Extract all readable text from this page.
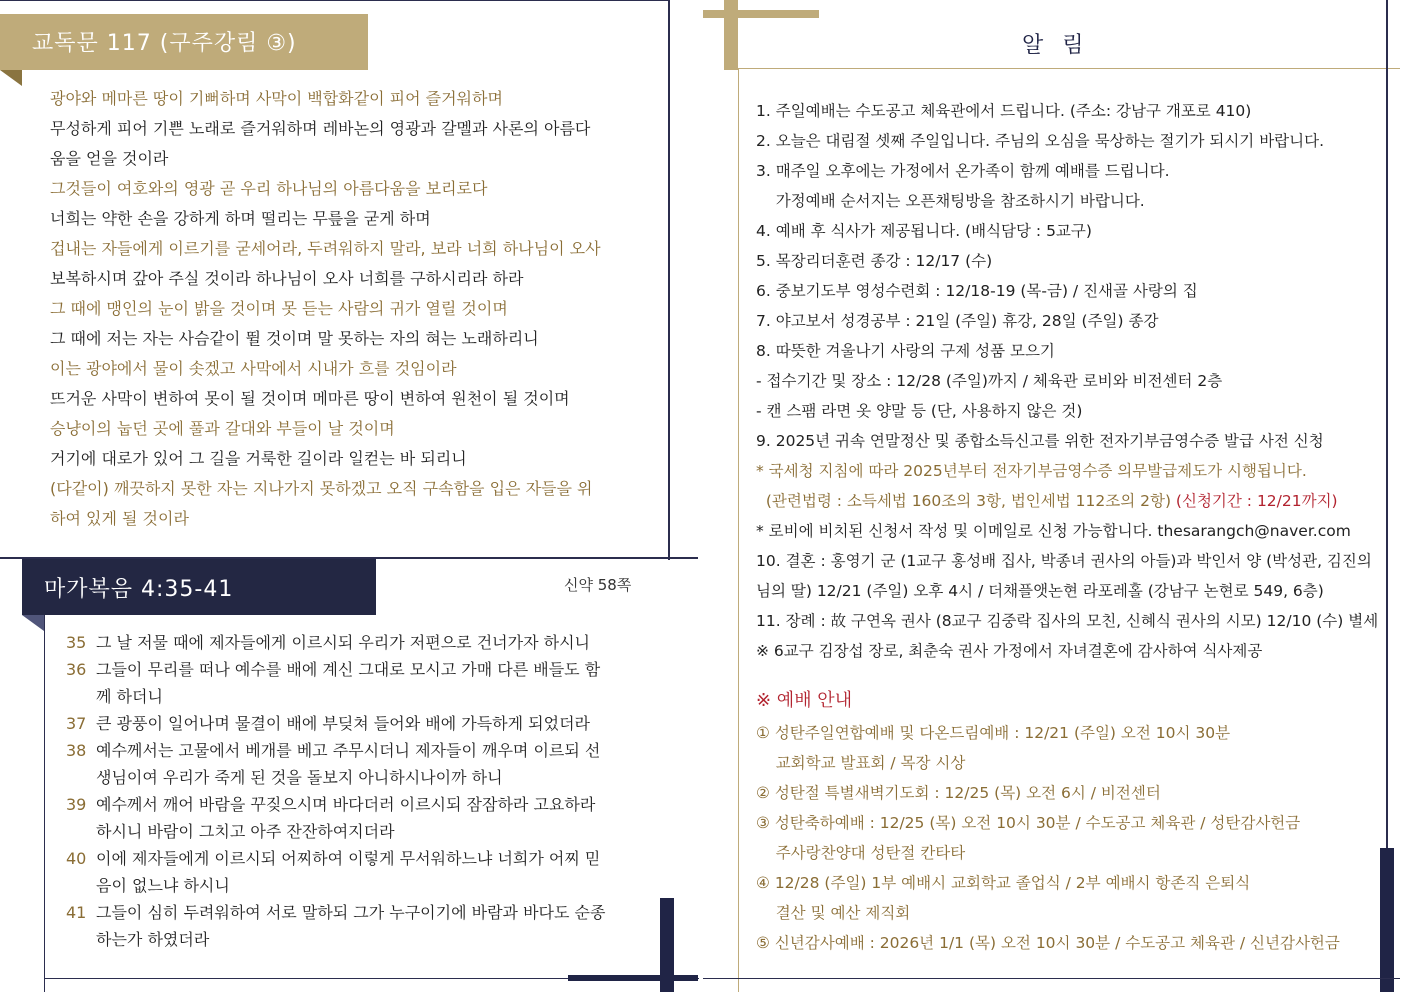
교독문 117 (구주강림 ③)
광야와 메마른 땅이 기뻐하며 사막이 백합화같이 피어 즐거워하며
무성하게 피어 기쁜 노래로 즐거워하며 레바논의 영광과 갈멜과 사론의 아름다
움을 얻을 것이라
그것들이 여호와의 영광 곧 우리 하나님의 아름다움을 보리로다
너희는 약한 손을 강하게 하며 떨리는 무릎을 굳게 하며
겁내는 자들에게 이르기를 굳세어라, 두려워하지 말라, 보라 너희 하나님이 오사
보복하시며 갚아 주실 것이라 하나님이 오사 너희를 구하시리라 하라
그 때에 맹인의 눈이 밝을 것이며 못 듣는 사람의 귀가 열릴 것이며
그 때에 저는 자는 사슴같이 뛸 것이며 말 못하는 자의 혀는 노래하리니
이는 광야에서 물이 솟겠고 사막에서 시내가 흐를 것임이라
뜨거운 사막이 변하여 못이 될 것이며 메마른 땅이 변하여 원천이 될 것이며
승냥이의 눕던 곳에 풀과 갈대와 부들이 날 것이며
거기에 대로가 있어 그 길을 거룩한 길이라 일컫는 바 되리니
(다같이) 깨끗하지 못한 자는 지나가지 못하겠고 오직 구속함을 입은 자들을 위
하여 있게 될 것이라
마가복음 4:35-41	신약 58쪽
35 그 날 저물 때에 제자들에게 이르시되 우리가 저편으로 건너가자 하시니
36 그들이 무리를 떠나 예수를 배에 계신 그대로 모시고 가매 다른 배들도 함
께 하더니
37 큰 광풍이 일어나며 물결이 배에 부딪쳐 들어와 배에 가득하게 되었더라
38 예수께서는 고물에서 베개를 베고 주무시더니 제자들이 깨우며 이르되 선
생님이여 우리가 죽게 된 것을 돌보지 아니하시나이까 하니
39 예수께서 깨어 바람을 꾸짖으시며 바다더러 이르시되 잠잠하라 고요하라
하시니 바람이 그치고 아주 잔잔하여지더라
40 이에 제자들에게 이르시되 어찌하여 이렇게 무서워하느냐 너희가 어찌 믿
음이 없느냐 하시니
41 그들이 심히 두려워하여 서로 말하되 그가 누구이기에 바람과 바다도 순종
하는가 하였더라
알 림
1. 주일예배는 수도공고 체육관에서 드립니다. (주소: 강남구 개포로 410)
2. 오늘은 대림절 셋째 주일입니다. 주님의 오심을 묵상하는 절기가 되시기 바랍니다.
3. 매주일 오후에는 가정에서 온가족이 함께 예배를 드립니다.
가정예배 순서지는 오픈채팅방을 참조하시기 바랍니다.
4. 예배 후 식사가 제공됩니다. (배식담당 : 5교구)
5. 목장리더훈련 종강 : 12/17 (수)
6. 중보기도부 영성수련회 : 12/18-19 (목-금) / 진새골 사랑의 집
7. 야고보서 성경공부 : 21일 (주일) 휴강, 28일 (주일) 종강
8. 따뜻한 겨울나기 사랑의 구제 성품 모으기
- 접수기간 및 장소 : 12/28 (주일)까지 / 체육관 로비와 비전센터 2층
- 캔 스팸 라면 옷 양말 등 (단, 사용하지 않은 것)
9. 2025년 귀속 연말정산 및 종합소득신고를 위한 전자기부금영수증 발급 사전 신청
* 국세청 지침에 따라 2025년부터 전자기부금영수증 의무발급제도가 시행됩니다.
(관련법령 : 소득세법 160조의 3항, 법인세법 112조의 2항) (신청기간 : 12/21까지)
* 로비에 비치된 신청서 작성 및 이메일로 신청 가능합니다. thesarangch@naver.com
10. 결혼 : 홍영기 군 (1교구 홍성배 집사, 박종녀 권사의 아들)과 박인서 양 (박성관, 김진의
님의 딸) 12/21 (주일) 오후 4시 / 더채플앳논현 라포레홀 (강남구 논현로 549, 6층)
11. 장례 : 故 구연옥 권사 (8교구 김중락 집사의 모친, 신혜식 권사의 시모) 12/10 (수) 별세
※ 6교구 김장섭 장로, 최춘숙 권사 가정에서 자녀결혼에 감사하여 식사제공
※ 예배 안내
① 성탄주일연합예배 및 다온드림예배 : 12/21 (주일) 오전 10시 30분
교회학교 발표회 / 목장 시상
② 성탄절 특별새벽기도회 : 12/25 (목) 오전 6시 / 비전센터
③ 성탄축하예배 : 12/25 (목) 오전 10시 30분 / 수도공고 체육관 / 성탄감사헌금
주사랑찬양대 성탄절 칸타타
④ 12/28 (주일) 1부 예배시 교회학교 졸업식 / 2부 예배시 항존직 은퇴식
결산 및 예산 제직회
⑤ 신년감사예배 : 2026년 1/1 (목) 오전 10시 30분 / 수도공고 체육관 / 신년감사헌금
